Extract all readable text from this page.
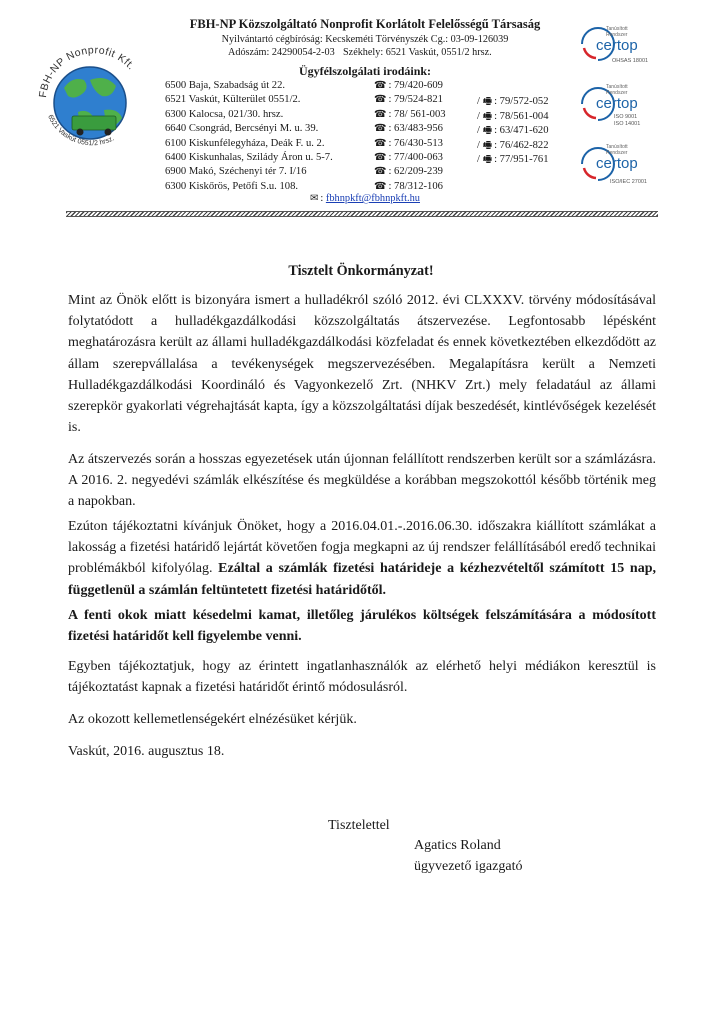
FBH-NP Nonprofit Kft.
6521 Vaskút 0551/2 hrsz.
FBH-NP Közszolgáltató Nonprofit Korlátolt Felelősségű Társaság
Nyilvántartó cégbíróság: Kecskeméti Törvényszék Cg.: 03-09-126039
Adószám: 24290054-2-03 Székhely: 6521 Vaskút, 0551/2 hrsz.
Ügyfélszolgálati irodáink:
6500 Baja, Szabadság út 22.	☎ : 79/420-609
6521 Vaskút, Külterület 0551/2.	☎ : 79/524-821	/ 🖷 : 79/572-052
6300 Kalocsa, 021/30. hrsz.	☎ : 78/ 561-003	/ 🖷 : 78/561-004
6640 Csongrád, Bercsényi M. u. 39.	☎ : 63/483-956	/ 🖷 : 63/471-620
6100 Kiskunfélegyháza, Deák F. u. 2.	☎ : 76/430-513	/ 🖷 : 76/462-822
6400 Kiskunhalas, Szilády Áron u. 5-7.	☎ : 77/400-063	/ 🖷 : 77/951-761
6900 Makó, Széchenyi tér 7. I/16	☎ : 62/209-239
6300 Kiskőrös, Petőfi S.u. 108.	☎ : 78/312-106
✉ : fbhnpkft@fbhnpkft.hu
Tanúsított
Rendszer
certop
OHSAS 18001
Tanúsított
Rendszer
certop
ISO 9001
ISO 14001
Tanúsított
Rendszer
certop
ISO/IEC 27001
Tisztelt Önkormányzat!

Mint az Önök előtt is bizonyára ismert a hulladékról szóló 2012. évi CLXXXV. törvény módosításával folytatódott a hulladékgazdálkodási közszolgáltatás átszervezése. Legfontosabb lépésként meghatározásra került az állami hulladékgazdálkodási közfeladat és ennek következtében elkezdődött az állam szerepvállalása a tevékenységek megszervezésében. Megalapításra került a Nemzeti Hulladékgazdálkodási Koordináló és Vagyonkezelő Zrt. (NHKV Zrt.) mely feladatául az állami szerepkör gyakorlati végrehajtását kapta, így a közszolgáltatási díjak beszedését, kintlévőségek kezelését is.

Az átszervezés során a hosszas egyezetések után újonnan felállított rendszerben került sor a számlázásra. A 2016. 2. negyedévi számlák elkészítése és megküldése a korábban megszokottól később történik meg a napokban.

Ezúton tájékoztatni kívánjuk Önöket, hogy a 2016.04.01.-.2016.06.30. időszakra kiállított számlákat a lakosság a fizetési határidő lejártát követően fogja megkapni az új rendszer felállításából eredő technikai problémákból kifolyólag. Ezáltal a számlák fizetési határideje a kézhezvételtől számított 15 nap, függetlenül a számlán feltüntetett fizetési határidőtől.

A fenti okok miatt késedelmi kamat, illetőleg járulékos költségek felszámítására a módosított fizetési határidőt kell figyelembe venni.

Egyben tájékoztatjuk, hogy az érintett ingatlanhasználók az elérhető helyi médiákon keresztül is tájékoztatást kapnak a fizetési határidőt érintő módosulásról.

Az okozott kellemetlenségekért elnézésüket kérjük.

Vaskút, 2016. augusztus 18.

Tisztelettel
Agatics Roland
ügyvezető igazgató
